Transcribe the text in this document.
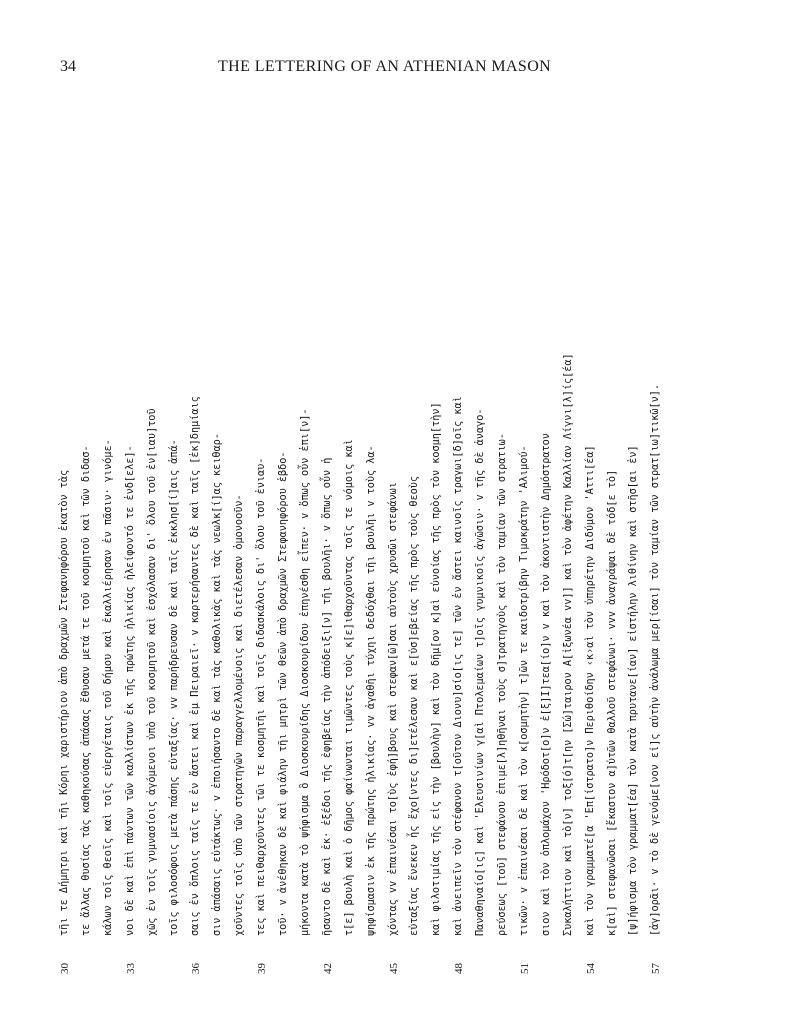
34	THE LETTERING OF AN ATHENIAN MASON
30
τῆι τε Δήμητρι καὶ τῆι Κόρηι χαριστήριον ἀπὸ δραχμῶν Στεφανηφόρου ἑκατὸν τὰς	τε ἄλλας θυσίας τὰς καθηκούσας ἀπάσας ἔθυσαν μετά τε τοῦ κοσμητοῦ καὶ τῶν διδασ-	κάλων τοῖς θεοῖς καὶ τοῖς εὐεργέταις τοῦ δήμου καὶ ἐκαλλιέρησαν ἐν πᾶσιν· γινόμε-
33
νοι δὲ καὶ ἐπὶ πάντων τῶν καλλίστων ἐκ τῆς πρώτης ἡλικίας ἠλείφοντό τε ἐνδ[ελε]-	χῶς ἐν τοῖς γυμνασίοις ἀγόμενοι ὑπὸ τοῦ κοσμητοῦ καὶ ἐσχόλασαν δι' ὅλου τοῦ ἐν[ιαυ]τοῦ	τοῖς φιλοσόφοις μετὰ πάσης εὐταξίας· vv παρήδρευσαν δὲ καὶ ταῖς ἐκκλησ[ί]αις ἁπά-
36
σαις ἐν ὅπλοις ταῖς τε ἐν ἄστει καὶ ἐμ Πειραιεῖ· v καρτερήσαντες δὲ καὶ ταῖς [ἐκ]δημίαις	σιν ἀπάσαις εὐτάκτως· v ἐποιήσαντο δὲ καὶ τὰς καθολικὰς καὶ τὰς νεωλκ[ί]ας κειθαρ-	χοῦντες τοῖς ὑπὸ τῶν στρατηγῶν παραγγελλομένοις καὶ διετέλεσαν ὁμονοοῦν-
39
τες καὶ πειθαρχοῦντες τῶι τε κοσμητῆι καὶ τοῖς διδασκάλοις δι' ὅλου τοῦ ἐνιαυ-	τοῦ· v ἀνέθηκαν δὲ καὶ φιάλην τῆι μητρὶ τῶν θεῶν ἀπὸ δραχμῶν Στεφανηφόρου ἑβδο-	μήκοντα κατὰ τὸ ψήφισμα ὃ Διοσκουρίδης Διοσκουρίδου ἐπηνέσθη εἶπεν· v ὅπως οὖν ἐπι[ν]-
42
ῆσαντο δὲ καὶ ἐκ· ἐξέδοι τῆς ἐφηβείας τὴν ἀπόδειξι[ν] τῆι βουλῆι· v ὅπως οὖν ἡ	τ[ε] βουλὴ καὶ ὁ δῆμος φαίνωνται τιμῶντες τοὺς κ[ε]ιθαρχοῦντας τοῖς τε νόμοις καὶ	ψηφίσμασιν ἐκ τῆς πρώτης ἡλικίας· vv ἀγαθῆι τύχηι δεδόχθαι τῆι βουλῆι v τοὺς λα-
45
χόντας vv ἐπαινέσαι το[ὺς ἐφή]βους καὶ στεφαν[ῶ]σαι αὐτοὺς χρυσῶι στεφάνωι	εὐταξίας ἕνεκεν ἧς ἔχο[ντες δι]ετέλεσαν καὶ ε[ὐσ]εβείας τῆς πρὸς τοὺς θεοὺς	καὶ φιλοτιμίας τῆς εἰς τὴν [βουλὴν] καὶ τὸν δῆμ[ον κ]αὶ εὐνοίας τῆς πρὸς τὸν κοσμη[τὴν]
48
καὶ ἀνειπεῖν τὸν στέφανον τ[οῦτον Διονυ]σίο[ις τε] τῶν ἐν ἄστει καινοῖς τραγωι[δ]οῖς καὶ	Παναθηναίο[ις] καὶ 'Ελευσινίων γ[αὶ Πτολεμαίων τ]οῖς γυμνικοῖς ἀγῶσιν· v τῆς δὲ ἀναγο-	ρεύσεως [τοῦ] στεφάνου ἐπιμε[λ]ηθῆναι τοὺς σ]τρατηγοὺς καὶ τὸν ταμίαν τῶν στρατιω-
51
τικῶν· v ἐπαινέσαι δὲ καὶ τὸν κ[οσμητὴν] τ]ῶν τε καιδοτρίβην Τιμοκράτην 'Αλιμού-	σιον καὶ τὸν ὁπλομάχον 'Ηρόδοτ[ο]ν ἐ[ξ]Ι]τεα[ίο]ν v καὶ τὸν ἀκοντιστὴν Δημόστρατον	Συκαλήττιον καὶ τὸ[ν] τοξ[ό]τ[ην [Σώ]ταιρον Α[ἰξωνέα vv]] καὶ τὸν ἀφέτην Καλλίαν Λίγνι[λ]ίς[έα]
54
καὶ τὸν γραμματέ[α 'Επ[ίστρατο]ν Περιθοίδην ‹κ›αὶ τὸν ὑπηρέτην Διδύμον 'Αττι[έα]	κ[αὶ] στεφανῶσαι [ἕκαστον α]ὐτῶν θαλλοῦ στεφάνωι· vvv ἀναγράψαι δὲ τόδ[ε τὸ]	[ψ]ήφισμα τὸν γραμματ[έα] τὸν κατὰ πρυτανε[ίαν] εἰστήλην λιθίνην καὶ στῆσ[αι ἐν]
57
[ἀγ]ορᾶι· v τὸ δὲ γενόμε[νον εἰ]ς αὐτὴν ἀνάλωμα μερ[ίσαι] τὸν ταμίαν τῶν στρατ[ιω]τικῶ[ν].
